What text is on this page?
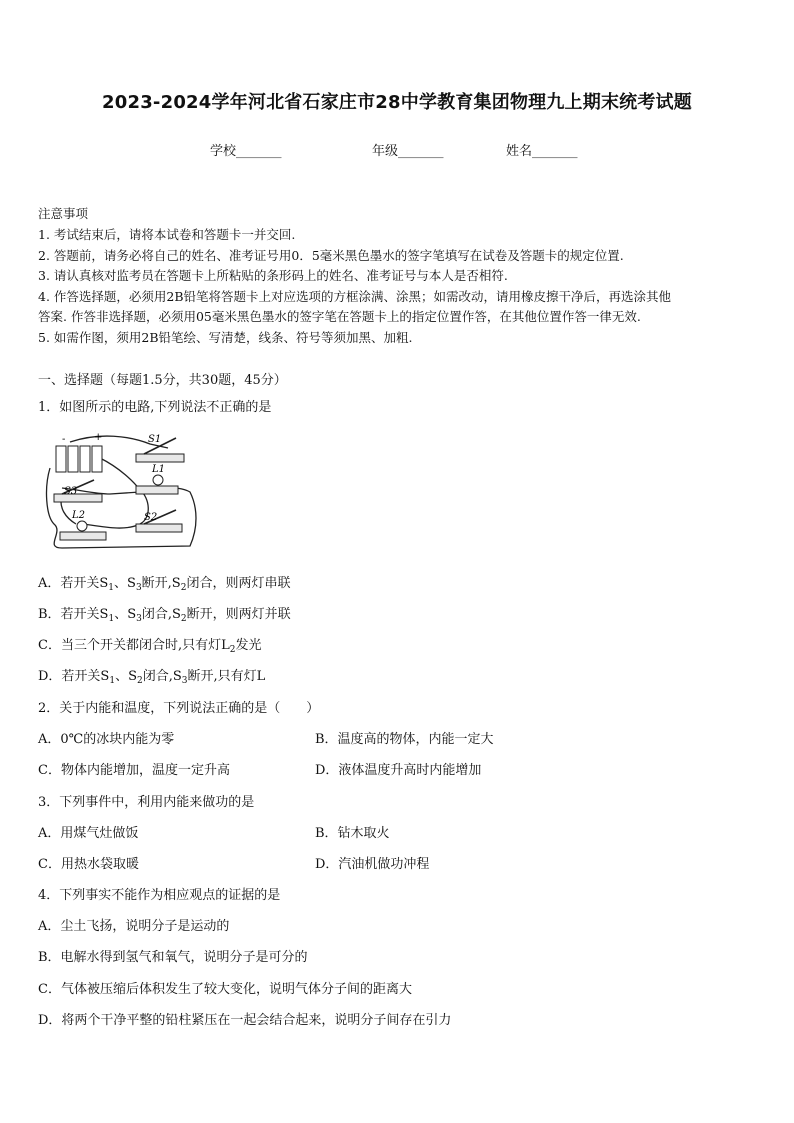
2023-2024学年河北省石家庄市28中学教育集团物理九上期末统考试题
学校_______	年级_______	姓名_______
注意事项
1. 考试结束后，请将本试卷和答题卡一并交回.
2. 答题前，请务必将自己的姓名、准考证号用0．5毫米黑色墨水的签字笔填写在试卷及答题卡的规定位置.
3. 请认真核对监考员在答题卡上所粘贴的条形码上的姓名、准考证号与本人是否相符.
4. 作答选择题，必须用2B铅笔将答题卡上对应选项的方框涂满、涂黑；如需改动，请用橡皮擦干净后，再选涂其他
答案. 作答非选择题，必须用05毫米黑色墨水的签字笔在答题卡上的指定位置作答，在其他位置作答一律无效.
5. 如需作图，须用2B铅笔绘、写清楚，线条、符号等须加黑、加粗.
一、选择题（每题1.5分，共30题，45分）
1．如图所示的电路,下列说法不正确的是
S1
S3
L1
L2	S2
+
-
A．若开关$S_1$、$S_3$断开$,S_2$闭合，则两灯串联
B．若开关$S_1$、$S_3$闭合$,S_2$断开，则两灯并联
C．当三个开关都闭合时,只有灯$L_2$发光
D．若开关$S_1$、$S_2$闭合$,S_3$断开,只有灯L
2．关于内能和温度，下列说法正确的是（　　）
A．0℃的冰块内能为零	B．温度高的物体，内能一定大
C．物体内能增加，温度一定升高	D．液体温度升高时内能增加
3．下列事件中，利用内能来做功的是
A．用煤气灶做饭	B．钻木取火
C．用热水袋取暖	D．汽油机做功冲程
4．下列事实不能作为相应观点的证据的是
A．尘土飞扬，说明分子是运动的
B．电解水得到氢气和氧气，说明分子是可分的
C．气体被压缩后体积发生了较大变化，说明气体分子间的距离大
D．将两个干净平整的铅柱紧压在一起会结合起来，说明分子间存在引力
